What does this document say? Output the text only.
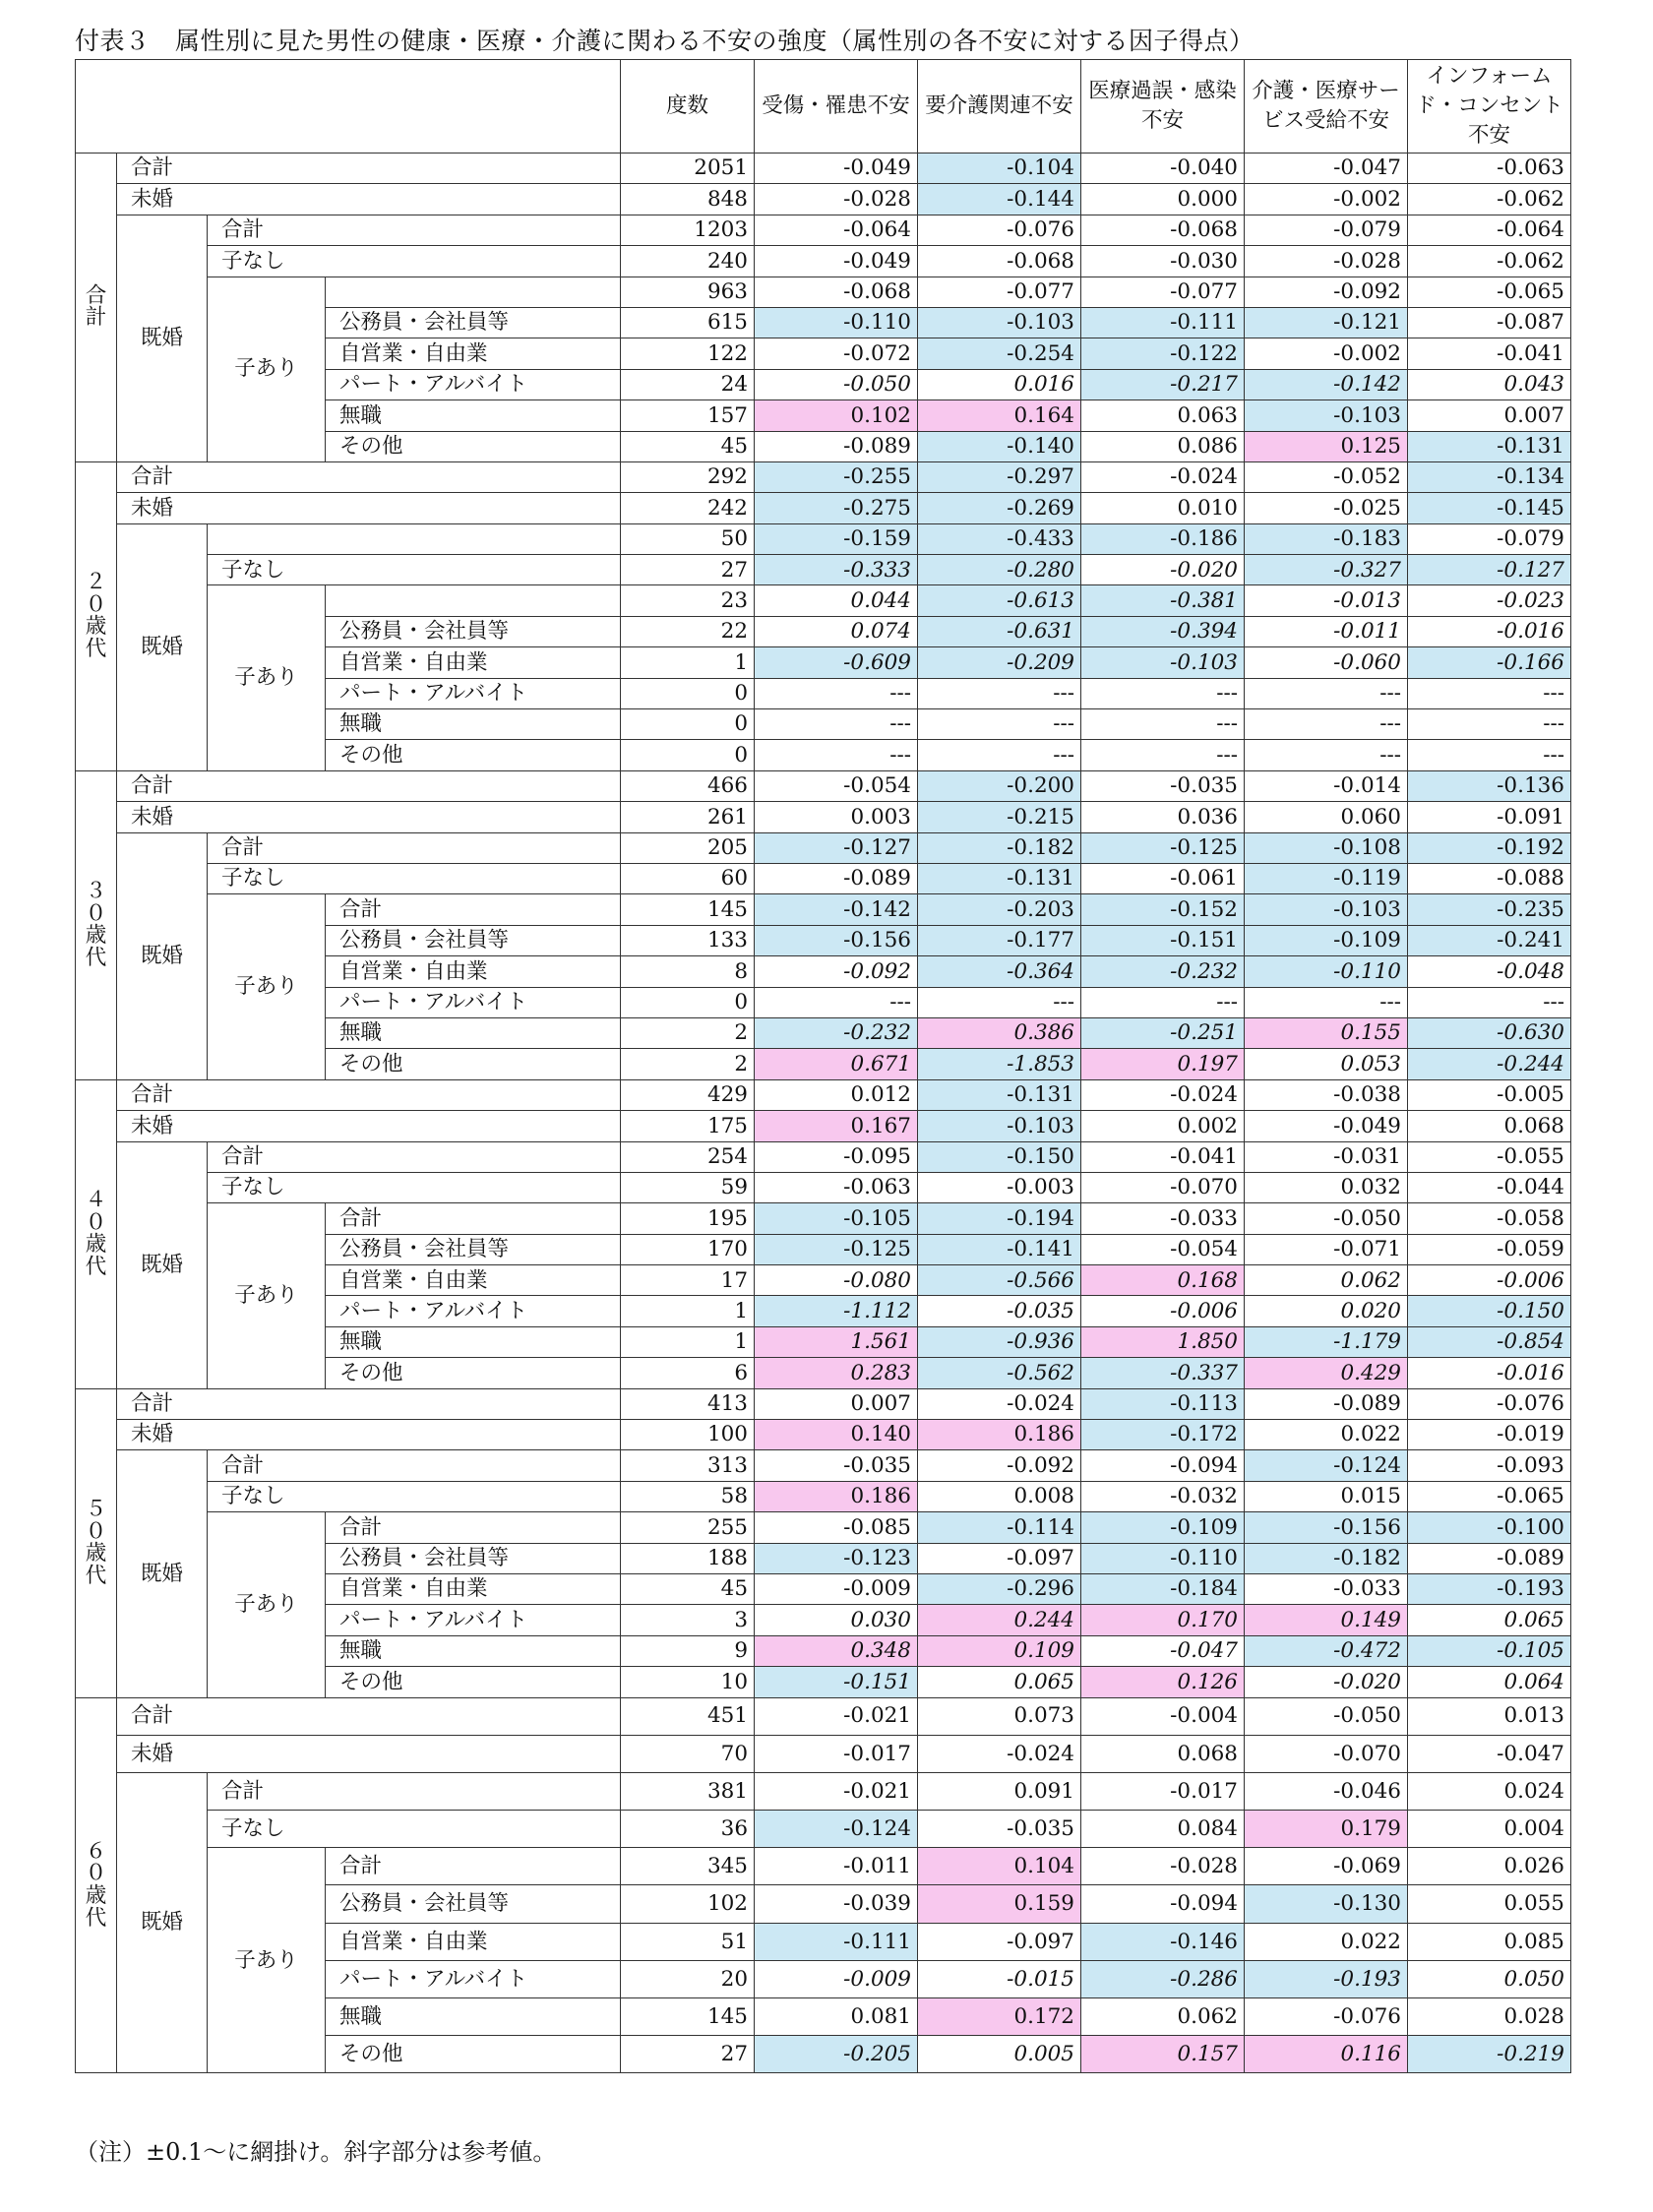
付表３　属性別に見た男性の健康・医療・介護に関わる不安の強度（属性別の各不安に対する因子得点）
				度数	受傷・罹患不安	要介護関連不安	医療過誤・感染不安	介護・医療サービス受給不安	インフォームド・コンセント不安
合計	合計			2051	-0.049	-0.104	-0.040	-0.047	-0.063
	未婚			848	-0.028	-0.144	0.000	-0.002	-0.062
	既婚	合計		1203	-0.064	-0.076	-0.068	-0.079	-0.064
		子なし		240	-0.049	-0.068	-0.030	-0.028	-0.062
		子あり		963	-0.068	-0.077	-0.077	-0.092	-0.065
			公務員・会社員等	615	-0.110	-0.103	-0.111	-0.121	-0.087
			自営業・自由業	122	-0.072	-0.254	-0.122	-0.002	-0.041
			パート・アルバイト	24	-0.050	0.016	-0.217	-0.142	0.043
			無職	157	0.102	0.164	0.063	-0.103	0.007
			その他	45	-0.089	-0.140	0.086	0.125	-0.131
２０歳代	合計			292	-0.255	-0.297	-0.024	-0.052	-0.134
	未婚			242	-0.275	-0.269	0.010	-0.025	-0.145
	既婚			50	-0.159	-0.433	-0.186	-0.183	-0.079
		子なし		27	-0.333	-0.280	-0.020	-0.327	-0.127
		子あり		23	0.044	-0.613	-0.381	-0.013	-0.023
			公務員・会社員等	22	0.074	-0.631	-0.394	-0.011	-0.016
			自営業・自由業	1	-0.609	-0.209	-0.103	-0.060	-0.166
			パート・アルバイト	0	---	---	---	---	---
			無職	0	---	---	---	---	---
			その他	0	---	---	---	---	---
３０歳代	合計			466	-0.054	-0.200	-0.035	-0.014	-0.136
	未婚			261	0.003	-0.215	0.036	0.060	-0.091
	既婚	合計		205	-0.127	-0.182	-0.125	-0.108	-0.192
		子なし		60	-0.089	-0.131	-0.061	-0.119	-0.088
		子あり	合計	145	-0.142	-0.203	-0.152	-0.103	-0.235
			公務員・会社員等	133	-0.156	-0.177	-0.151	-0.109	-0.241
			自営業・自由業	8	-0.092	-0.364	-0.232	-0.110	-0.048
			パート・アルバイト	0	---	---	---	---	---
			無職	2	-0.232	0.386	-0.251	0.155	-0.630
			その他	2	0.671	-1.853	0.197	0.053	-0.244
４０歳代	合計			429	0.012	-0.131	-0.024	-0.038	-0.005
	未婚			175	0.167	-0.103	0.002	-0.049	0.068
	既婚	合計		254	-0.095	-0.150	-0.041	-0.031	-0.055
		子なし		59	-0.063	-0.003	-0.070	0.032	-0.044
		子あり	合計	195	-0.105	-0.194	-0.033	-0.050	-0.058
			公務員・会社員等	170	-0.125	-0.141	-0.054	-0.071	-0.059
			自営業・自由業	17	-0.080	-0.566	0.168	0.062	-0.006
			パート・アルバイト	1	-1.112	-0.035	-0.006	0.020	-0.150
			無職	1	1.561	-0.936	1.850	-1.179	-0.854
			その他	6	0.283	-0.562	-0.337	0.429	-0.016
５０歳代	合計			413	0.007	-0.024	-0.113	-0.089	-0.076
	未婚			100	0.140	0.186	-0.172	0.022	-0.019
	既婚	合計		313	-0.035	-0.092	-0.094	-0.124	-0.093
		子なし		58	0.186	0.008	-0.032	0.015	-0.065
		子あり	合計	255	-0.085	-0.114	-0.109	-0.156	-0.100
			公務員・会社員等	188	-0.123	-0.097	-0.110	-0.182	-0.089
			自営業・自由業	45	-0.009	-0.296	-0.184	-0.033	-0.193
			パート・アルバイト	3	0.030	0.244	0.170	0.149	0.065
			無職	9	0.348	0.109	-0.047	-0.472	-0.105
			その他	10	-0.151	0.065	0.126	-0.020	0.064
６０歳代	合計			451	-0.021	0.073	-0.004	-0.050	0.013
	未婚			70	-0.017	-0.024	0.068	-0.070	-0.047
	既婚	合計		381	-0.021	0.091	-0.017	-0.046	0.024
		子なし		36	-0.124	-0.035	0.084	0.179	0.004
		子あり	合計	345	-0.011	0.104	-0.028	-0.069	0.026
			公務員・会社員等	102	-0.039	0.159	-0.094	-0.130	0.055
			自営業・自由業	51	-0.111	-0.097	-0.146	0.022	0.085
			パート・アルバイト	20	-0.009	-0.015	-0.286	-0.193	0.050
			無職	145	0.081	0.172	0.062	-0.076	0.028
			その他	27	-0.205	0.005	0.157	0.116	-0.219
（注）±0.1〜に網掛け。斜字部分は参考値。
